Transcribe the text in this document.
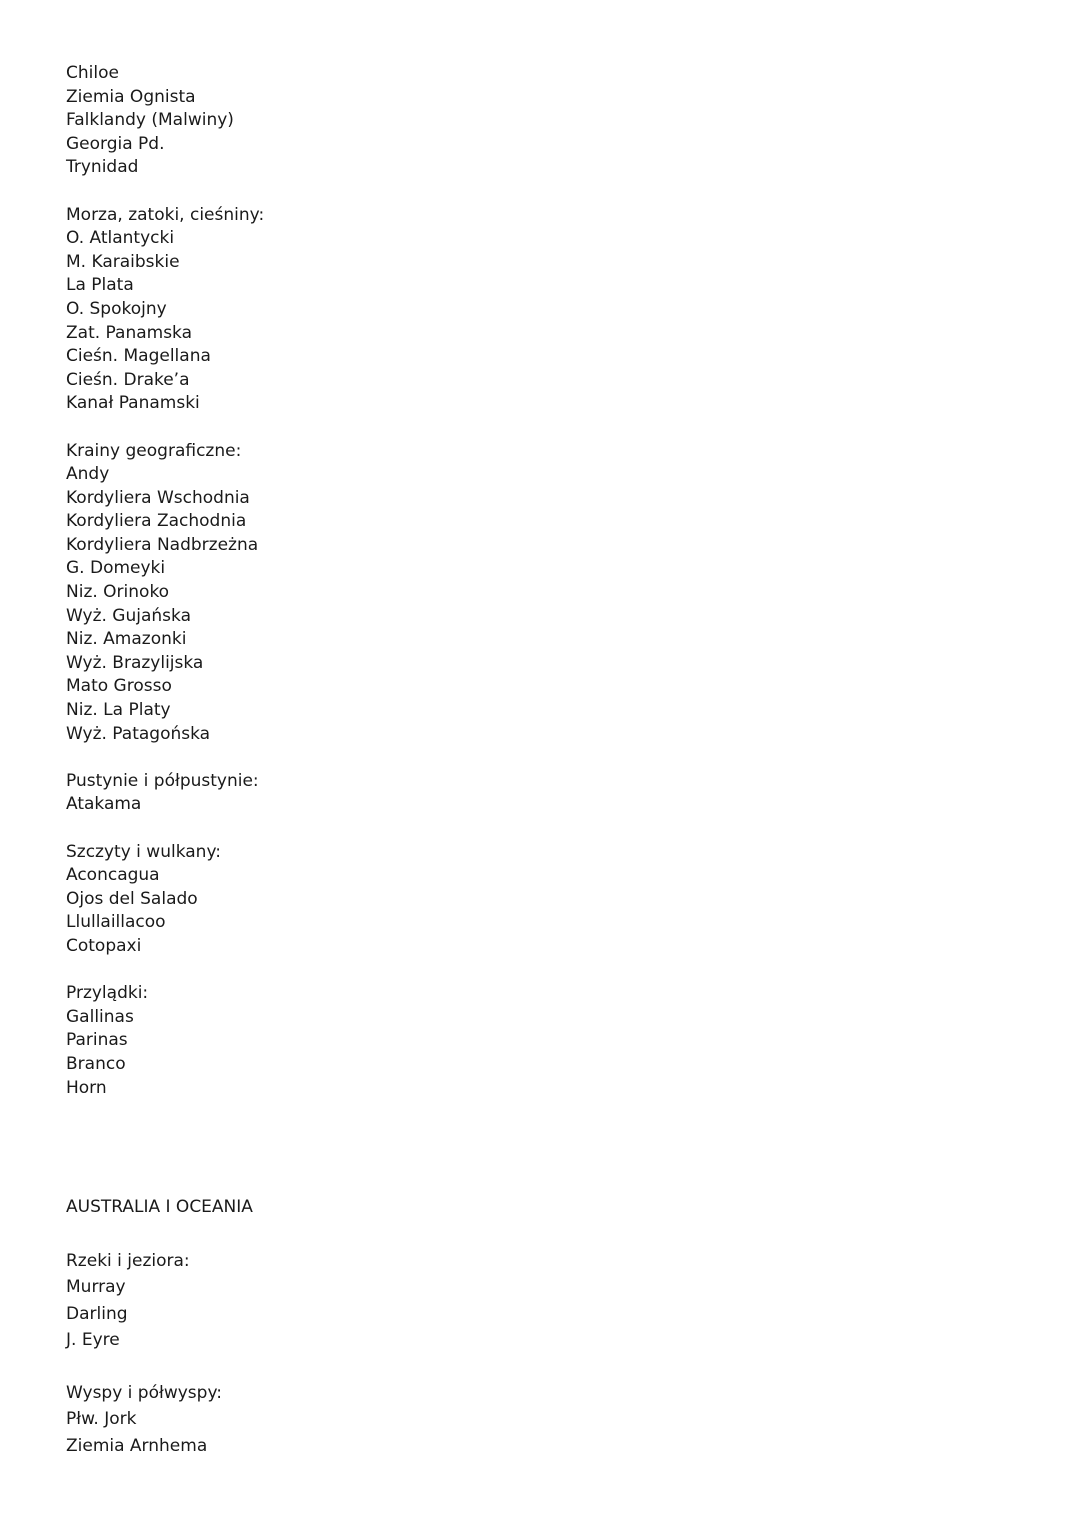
Chiloe
Ziemia Ognista
Falklandy (Malwiny)
Georgia Pd.
Trynidad
Morza, zatoki, cieśniny:
O. Atlantycki
M. Karaibskie
La Plata
O. Spokojny
Zat. Panamska
Cieśn. Magellana
Cieśn. Drake’a
Kanał Panamski
Krainy geograficzne:
Andy
Kordyliera Wschodnia
Kordyliera Zachodnia
Kordyliera Nadbrzeżna
G. Domeyki
Niz. Orinoko
Wyż. Gujańska
Niz. Amazonki
Wyż. Brazylijska
Mato Grosso
Niz. La Platy
Wyż. Patagońska
Pustynie i półpustynie:
Atakama
Szczyty i wulkany:
Aconcagua
Ojos del Salado
Llullaillacoo
Cotopaxi
Przylądki:
Gallinas
Parinas
Branco
Horn
AUSTRALIA I OCEANIA
Rzeki i jeziora:
Murray
Darling
J. Eyre
Wyspy i półwyspy:
Płw. Jork
Ziemia Arnhema
